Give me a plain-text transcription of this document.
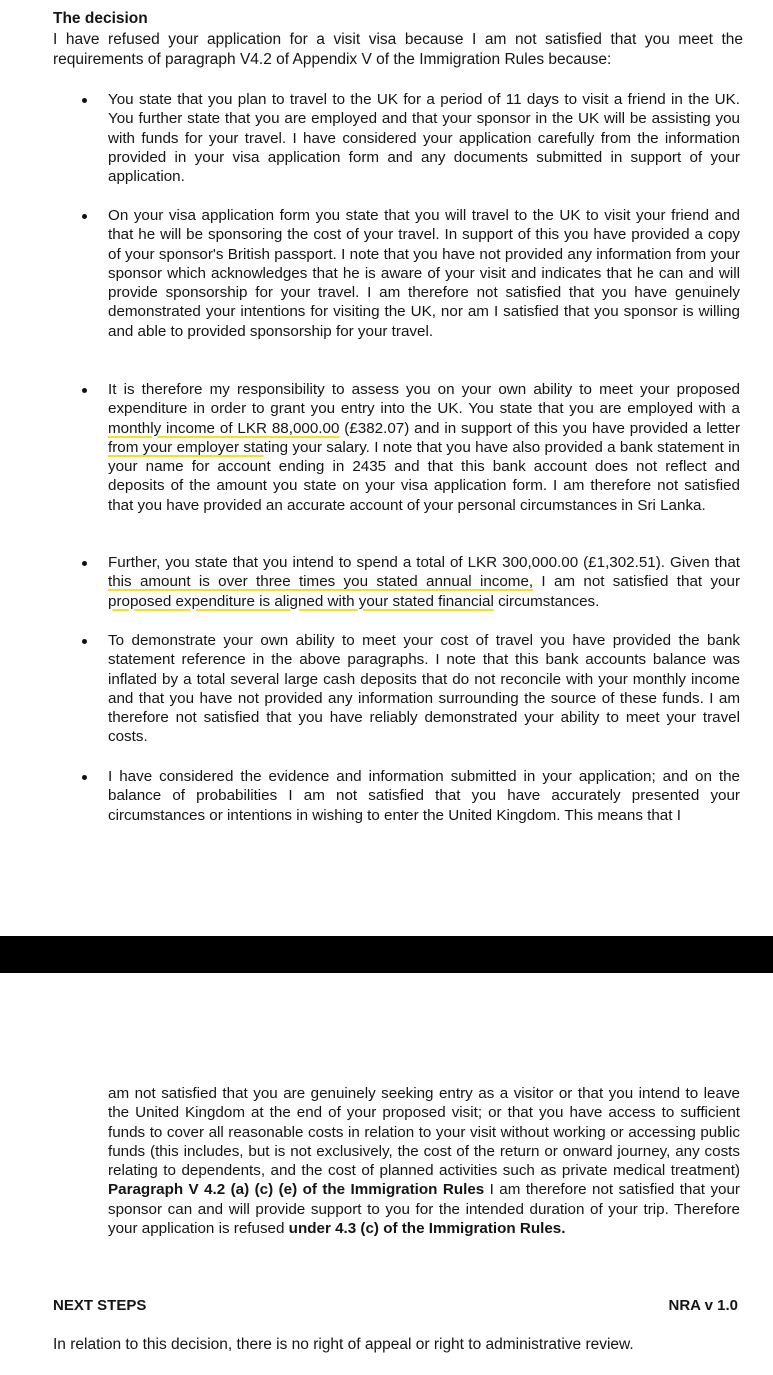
The decision

I have refused your application for a visit visa because I am not satisfied that you meet the requirements of paragraph V4.2 of Appendix V of the Immigration Rules because:

You state that you plan to travel to the UK for a period of 11 days to visit a friend in the UK. You further state that you are employed and that your sponsor in the UK will be assisting you with funds for your travel. I have considered your application carefully from the information provided in your visa application form and any documents submitted in support of your application.

On your visa application form you state that you will travel to the UK to visit your friend and that he will be sponsoring the cost of your travel. In support of this you have provided a copy of your sponsor's British passport. I note that you have not provided any information from your sponsor which acknowledges that he is aware of your visit and indicates that he can and will provide sponsorship for your travel. I am therefore not satisfied that you have genuinely demonstrated your intentions for visiting the UK, nor am I satisfied that you sponsor is willing and able to provided sponsorship for your travel.

It is therefore my responsibility to assess you on your own ability to meet your proposed expenditure in order to grant you entry into the UK. You state that you are employed with a monthly income of LKR 88,000.00 (£382.07) and in support of this you have provided a letter from your employer stating your salary. I note that you have also provided a bank statement in your name for account ending in 2435 and that this bank account does not reflect and deposits of the amount you state on your visa application form. I am therefore not satisfied that you have provided an accurate account of your personal circumstances in Sri Lanka.

Further, you state that you intend to spend a total of LKR 300,000.00 (£1,302.51). Given that this amount is over three times you stated annual income, I am not satisfied that your proposed expenditure is aligned with your stated financial circumstances.

To demonstrate your own ability to meet your cost of travel you have provided the bank statement reference in the above paragraphs. I note that this bank accounts balance was inflated by a total several large cash deposits that do not reconcile with your monthly income and that you have not provided any information surrounding the source of these funds. I am therefore not satisfied that you have reliably demonstrated your ability to meet your travel costs.

I have considered the evidence and information submitted in your application; and on the balance of probabilities I am not satisfied that you have accurately presented your circumstances or intentions in wishing to enter the United Kingdom. This means that I

am not satisfied that you are genuinely seeking entry as a visitor or that you intend to leave the United Kingdom at the end of your proposed visit; or that you have access to sufficient funds to cover all reasonable costs in relation to your visit without working or accessing public funds (this includes, but is not exclusively, the cost of the return or onward journey, any costs relating to dependents, and the cost of planned activities such as private medical treatment) Paragraph V 4.2 (a) (c) (e) of the Immigration Rules I am therefore not satisfied that your sponsor can and will provide support to you for the intended duration of your trip. Therefore your application is refused under 4.3 (c) of the Immigration Rules.

NEXT STEPS	NRA v 1.0

In relation to this decision, there is no right of appeal or right to administrative review.
